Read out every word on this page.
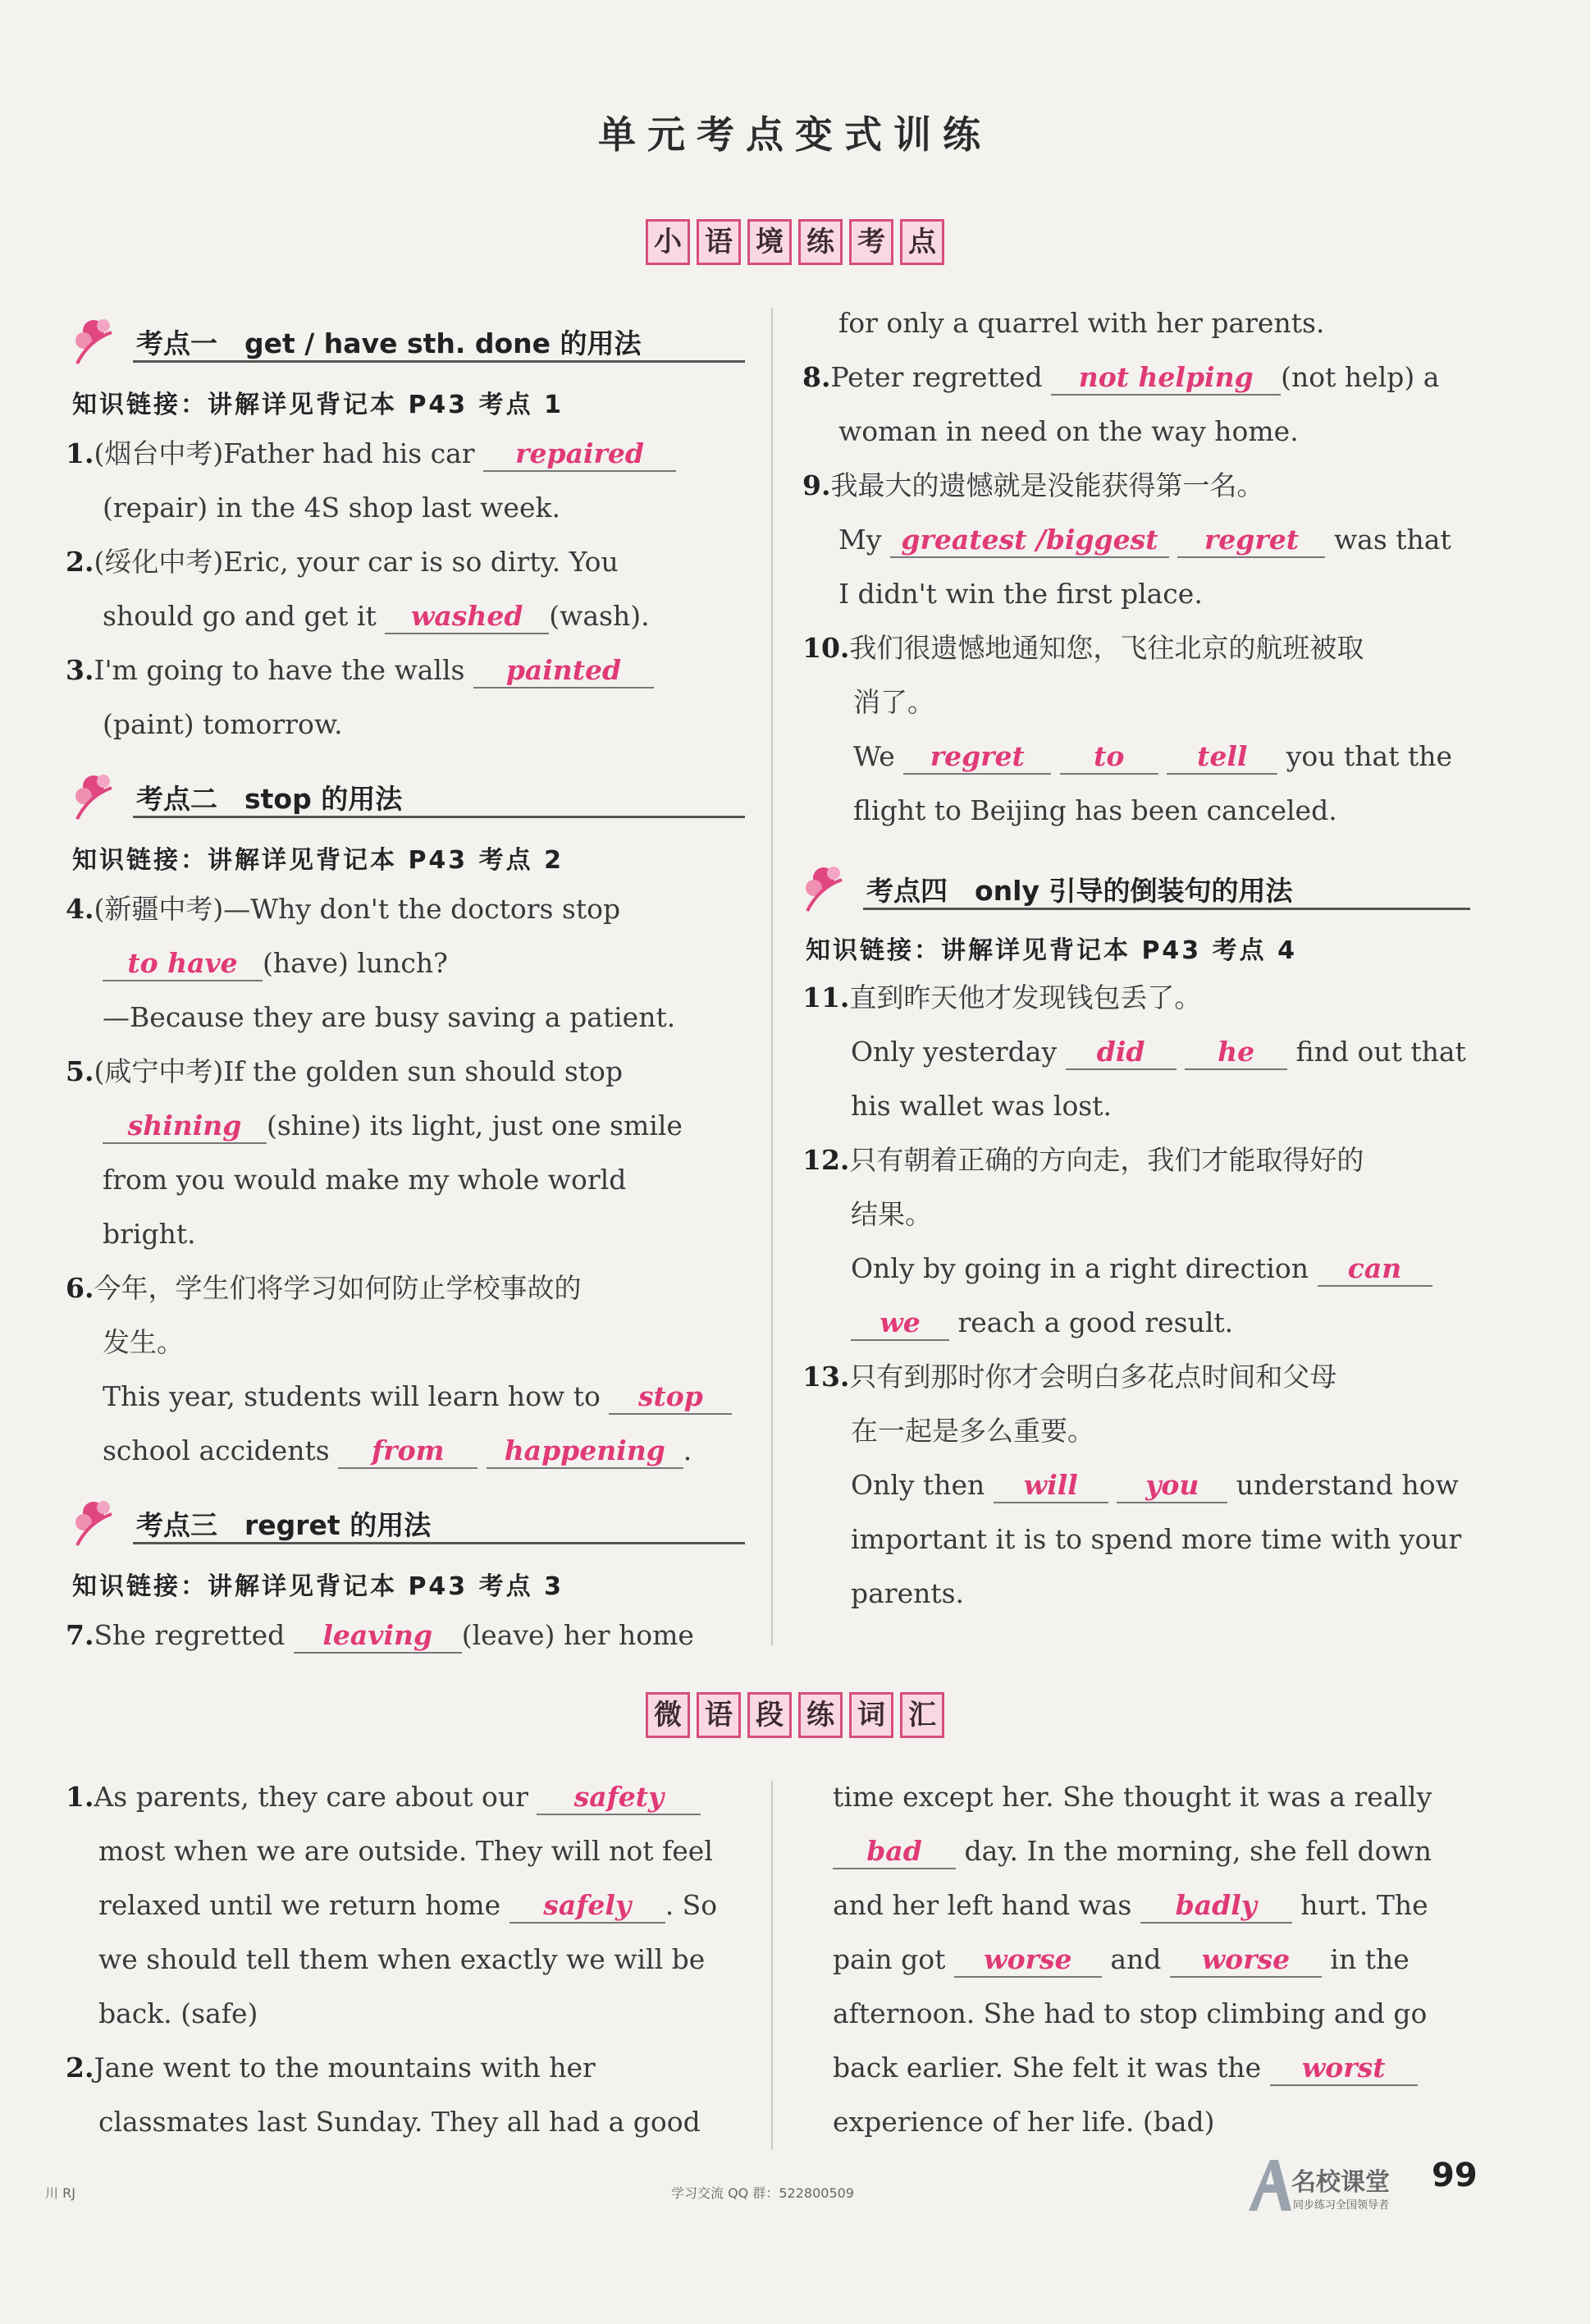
单元考点变式训练
小 语 境 练 考 点
考点一　get / have sth. done 的用法
知识链接：讲解详见背记本 P43 考点 1
1.(烟台中考)Father had his car repaired
(repair) in the 4S shop last week.
2.(绥化中考)Eric, your car is so dirty. You
should go and get it washed (wash).
3.I'm going to have the walls painted
(paint) tomorrow.
考点二　stop 的用法
知识链接：讲解详见背记本 P43 考点 2
4.(新疆中考)—Why don't the doctors stop
to have (have) lunch?
—Because they are busy saving a patient.
5.(咸宁中考)If the golden sun should stop
shining (shine) its light, just one smile
from you would make my whole world
bright.
6.今年，学生们将学习如何防止学校事故的
发生。
This year, students will learn how to stop
school accidents from happening .
考点三　regret 的用法
知识链接：讲解详见背记本 P43 考点 3
7.She regretted leaving (leave) her home
for only a quarrel with her parents.
8.Peter regretted not helping (not help) a
woman in need on the way home.
9.我最大的遗憾就是没能获得第一名。
My greatest /biggest regret was that
I didn't win the first place.
10.我们很遗憾地通知您，飞往北京的航班被取
消了。
We regret	to	tell you that the
flight to Beijing has been canceled.
考点四　only 引导的倒装句的用法
知识链接：讲解详见背记本 P43 考点 4
11.直到昨天他才发现钱包丢了。
Only yesterday did	he find out that
his wallet was lost.
12.只有朝着正确的方向走，我们才能取得好的
结果。
Only by going in a right direction can
we reach a good result.
13.只有到那时你才会明白多花点时间和父母
在一起是多么重要。
Only then will you understand how
important it is to spend more time with your
parents.
微 语 段 练 词 汇
1.As parents, they care about our safety
most when we are outside. They will not feel
relaxed until we return home safely . So
we should tell them when exactly we will be
back. (safe)
2.Jane went to the mountains with her
classmates last Sunday. They all had a good
time except her. She thought it was a really
bad day. In the morning, she fell down
and her left hand was badly hurt. The
pain got worse and worse in the
afternoon. She had to stop climbing and go
back earlier. She felt it was the worst
experience of her life. (bad)
川 RJ	学习交流 QQ 群：522800509	名校课堂
同步练习全国领导者
99
